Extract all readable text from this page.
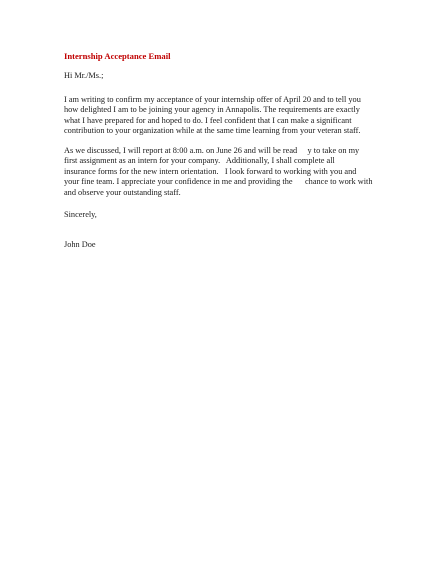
Internship Acceptance Email
Hi Mr./Ms.;
I am writing to confirm my acceptance of your internship offer of April 20 and to tell you
how delighted I am to be joining your agency in Annapolis. The requirements are exactly
what I have prepared for and hoped to do. I feel confident that I can make a significant
contribution to your organization while at the same time learning from your veteran staff.
As we discussed, I will report at 8:00 a.m. on June 26 and will be read     y to take on my
first assignment as an intern for your company.   Additionally, I shall complete all
insurance forms for the new intern orientation.   I look forward to working with you and
your fine team. I appreciate your confidence in me and providing the      chance to work with
and observe your outstanding staff.
Sincerely,
John Doe
